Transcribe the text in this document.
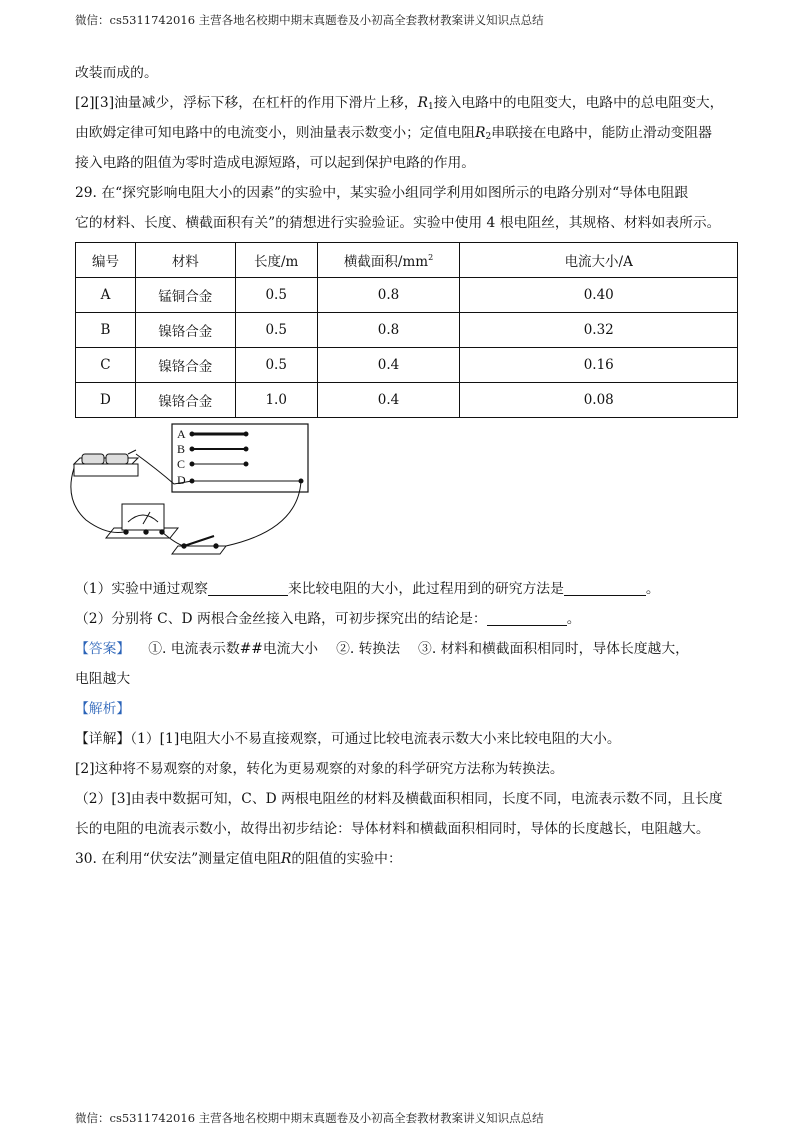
微信：cs5311742016 主营各地名校期中期末真题卷及小初高全套教材教案讲义知识点总结
改装而成的。
[2][3]油量减少，浮标下移，在杠杆的作用下滑片上移，$R_1$接入电路中的电阻变大，电路中的总电阻变大，
由欧姆定律可知电路中的电流变小，则油量表示数变小；定值电阻$R_2$串联接在电路中，能防止滑动变阻器
接入电路的阻值为零时造成电源短路，可以起到保护电路的作用。
29. 在“探究影响电阻大小的因素”的实验中，某实验小组同学利用如图所示的电路分别对“导体电阻跟
它的材料、长度、横截面积有关”的猜想进行实验验证。实验中使用 4 根电阻丝，其规格、材料如表所示。
编号	材料	长度/m	横截面积$/mm^2$	电流大小/A
A	锰铜合金	0.5	0.8	0.40
B	镍铬合金	0.5	0.8	0.32
C	镍铬合金	0.5	0.4	0.16
D	镍铬合金	1.0	0.4	0.08
A
B
C
D
（1）实验中通过观察	来比较电阻的大小，此过程用到的研究方法是	。
（2）分别将 C、D 两根合金丝接入电路，可初步探究出的结论是：	。
【答案】 ①. 电流表示数##电流大小 ②. 转换法 ③. 材料和横截面积相同时，导体长度越大，
电阻越大
【解析】
【详解】（1）[1]电阻大小不易直接观察，可通过比较电流表示数大小来比较电阻的大小。
[2]这种将不易观察的对象，转化为更易观察的对象的科学研究方法称为转换法。
（2）[3]由表中数据可知，C、D 两根电阻丝的材料及横截面积相同，长度不同，电流表示数不同，且长度
长的电阻的电流表示数小，故得出初步结论：导体材料和横截面积相同时，导体的长度越长，电阻越大。
30. 在利用“伏安法”测量定值电阻R的阻值的实验中：
微信：cs5311742016 主营各地名校期中期末真题卷及小初高全套教材教案讲义知识点总结
